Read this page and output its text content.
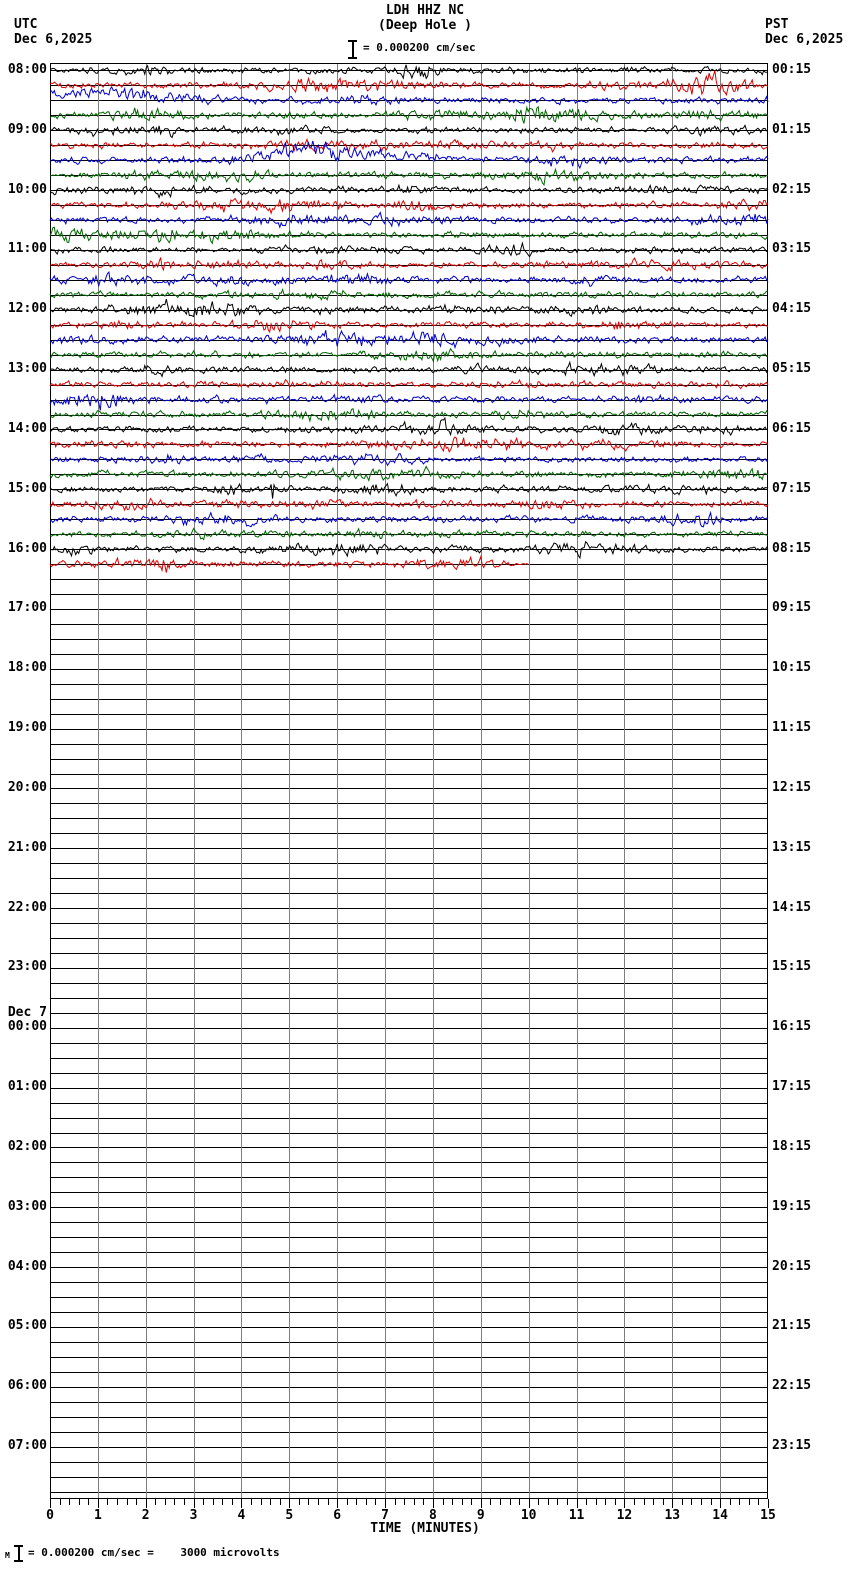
UTC
Dec 6,2025
PST
Dec 6,2025
LDH HHZ NC
(Deep Hole )
= 0.000200 cm/sec
08:00
09:00
10:00
11:00
12:00
13:00
14:00
15:00
16:00
17:00
18:00
19:00
20:00
21:00
22:00
23:00
Dec 7
00:00
01:00
02:00
03:00
04:00
05:00
06:00
07:00
00:15
01:15
02:15
03:15
04:15
05:15
06:15
07:15
08:15
09:15
10:15
11:15
12:15
13:15
14:15
15:15
16:15
17:15
18:15
19:15
20:15
21:15
22:15
23:15
0	1	2	3	4	5	6	7	8	9	10	11	12	13	14	15
TIME (MINUTES)
M = 0.000200 cm/sec =    3000 microvolts
